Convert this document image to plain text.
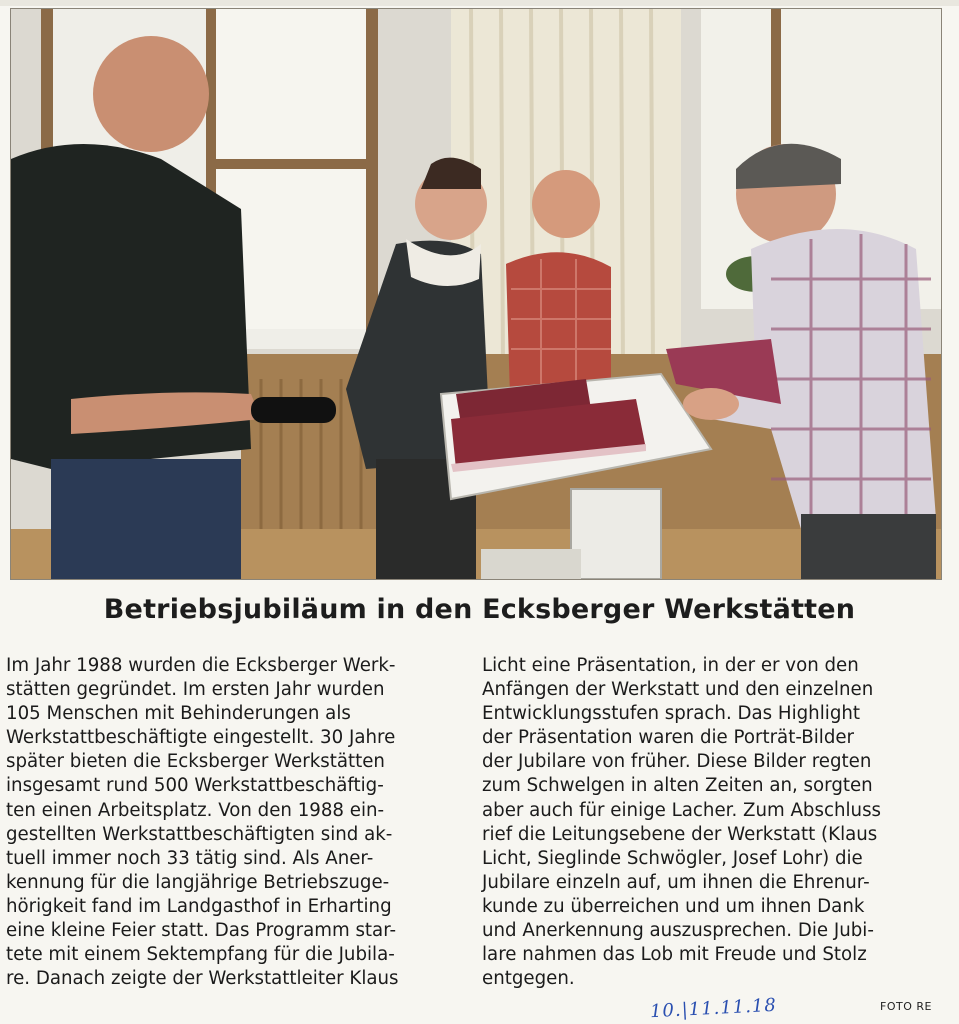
Betriebsjubiläum in den Ecksberger Werkstätten
Im Jahr 1988 wurden die Ecksberger Werk-
stätten gegründet. Im ersten Jahr wurden
105 Menschen mit Behinderungen als
Werkstattbeschäftigte eingestellt. 30 Jahre
später bieten die Ecksberger Werkstätten
insgesamt rund 500 Werkstattbeschäftig-
ten einen Arbeitsplatz. Von den 1988 ein-
gestellten Werkstattbeschäftigten sind ak-
tuell immer noch 33 tätig sind. Als Aner-
kennung für die langjährige Betriebszuge-
hörigkeit fand im Landgasthof in Erharting
eine kleine Feier statt. Das Programm star-
tete mit einem Sektempfang für die Jubila-
re. Danach zeigte der Werkstattleiter Klaus
Licht eine Präsentation, in der er von den
Anfängen der Werkstatt und den einzelnen
Entwicklungsstufen sprach. Das Highlight
der Präsentation waren die Porträt-Bilder
der Jubilare von früher. Diese Bilder regten
zum Schwelgen in alten Zeiten an, sorgten
aber auch für einige Lacher. Zum Abschluss
rief die Leitungsebene der Werkstatt (Klaus
Licht, Sieglinde Schwögler, Josef Lohr) die
Jubilare einzeln auf, um ihnen die Ehrenur-
kunde zu überreichen und um ihnen Dank
und Anerkennung auszusprechen. Die Jubi-
lare nahmen das Lob mit Freude und Stolz
entgegen.
10.|11.11.18	FOTO RE
